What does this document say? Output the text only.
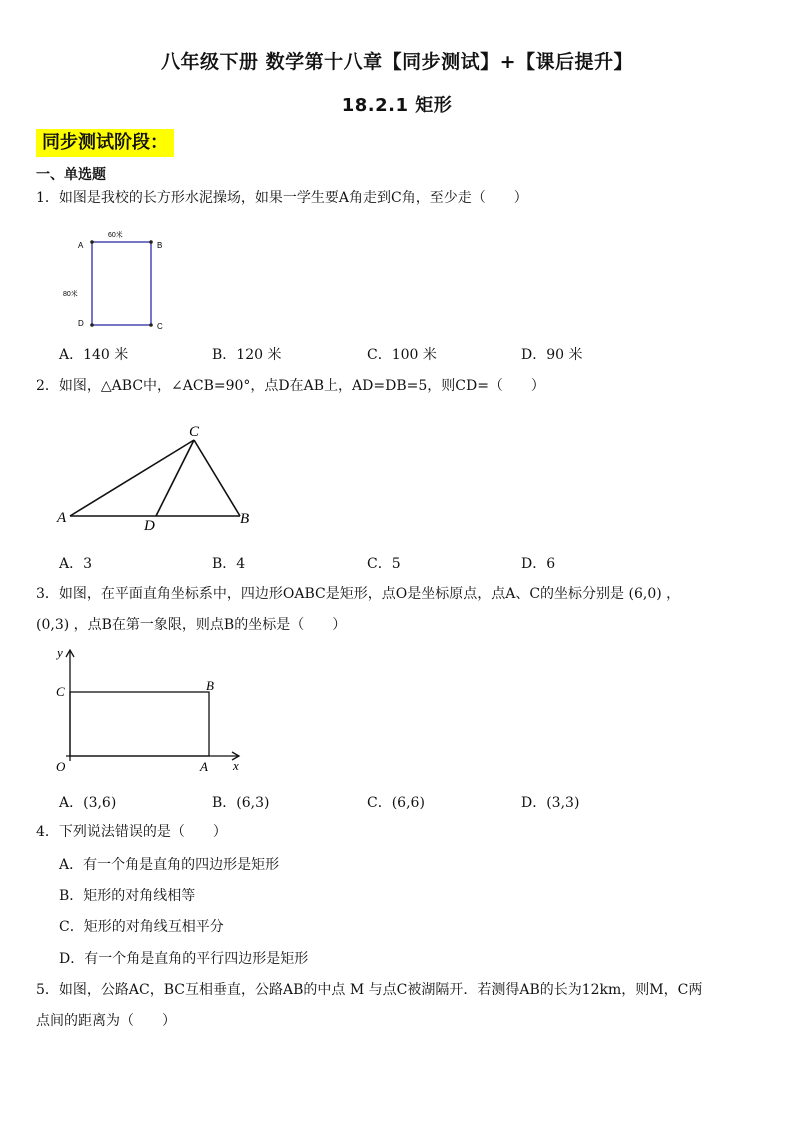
八年级下册 数学第十八章【同步测试】+【课后提升】
18.2.1 矩形
同步测试阶段：
一、单选题
1．如图是我校的长方形水泥操场，如果一学生要A角走到C角，至少走（　　）
A	B
C
D
60米
80米
A．140 米	B．120 米	C．100 米	D．90 米
2．如图，△ABC中，∠ACB=90°，点D在AB上，AD=DB=5，则CD=（　　）
A	B
C
D
A．3	B．4	C．5	D．6
3．如图，在平面直角坐标系中，四边形OABC是矩形，点O是坐标原点，点A、C的坐标分别是 (6,0) ，
(0,3) ，点B在第一象限，则点B的坐标是（　　）
O	A
B
C
x
y
A．(3,6)	B．(6,3)	C．(6,6)	D．(3,3)
4．下列说法错误的是（　　）
A．有一个角是直角的四边形是矩形
B．矩形的对角线相等
C．矩形的对角线互相平分
D．有一个角是直角的平行四边形是矩形
5．如图，公路AC，BC互相垂直，公路AB的中点 M 与点C被湖隔开．若测得AB的长为12km，则M，C两
点间的距离为（　　）
